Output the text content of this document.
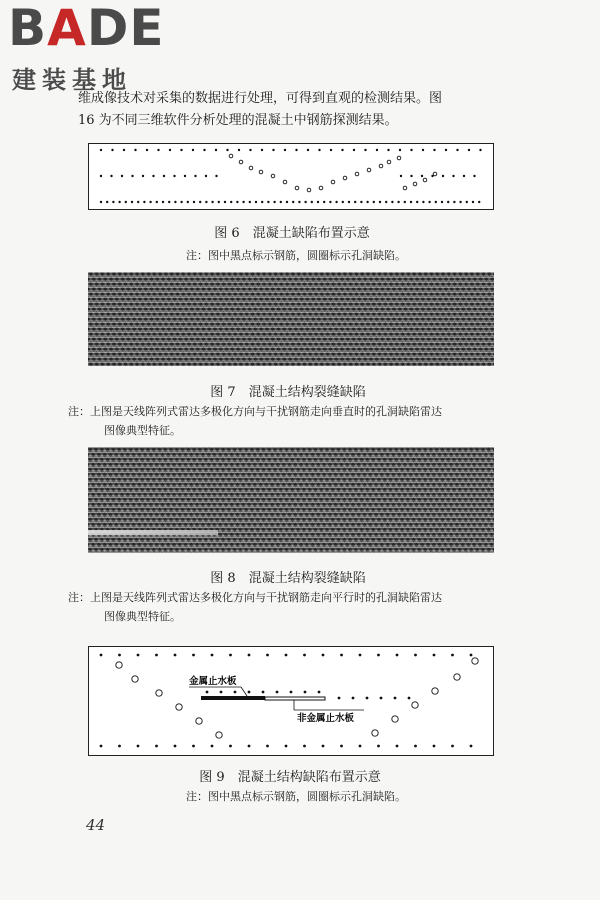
BADE
建装基地
维成像技术对采集的数据进行处理，可得到直观的检测结果。图
16 为不同三维软件分析处理的混凝土中钢筋探测结果。
图 6　混凝土缺陷布置示意
注：图中黑点标示钢筋，圆圈标示孔洞缺陷。
图 7　混凝土结构裂缝缺陷
注：上图是天线阵列式雷达多极化方向与干扰钢筋走向垂直时的孔洞缺陷雷达
图像典型特征。
图 8　混凝土结构裂缝缺陷
注：上图是天线阵列式雷达多极化方向与干扰钢筋走向平行时的孔洞缺陷雷达
图像典型特征。
金属止水板
非金属止水板
图 9　混凝土结构缺陷布置示意
注：图中黑点标示钢筋，圆圈标示孔洞缺陷。
44
